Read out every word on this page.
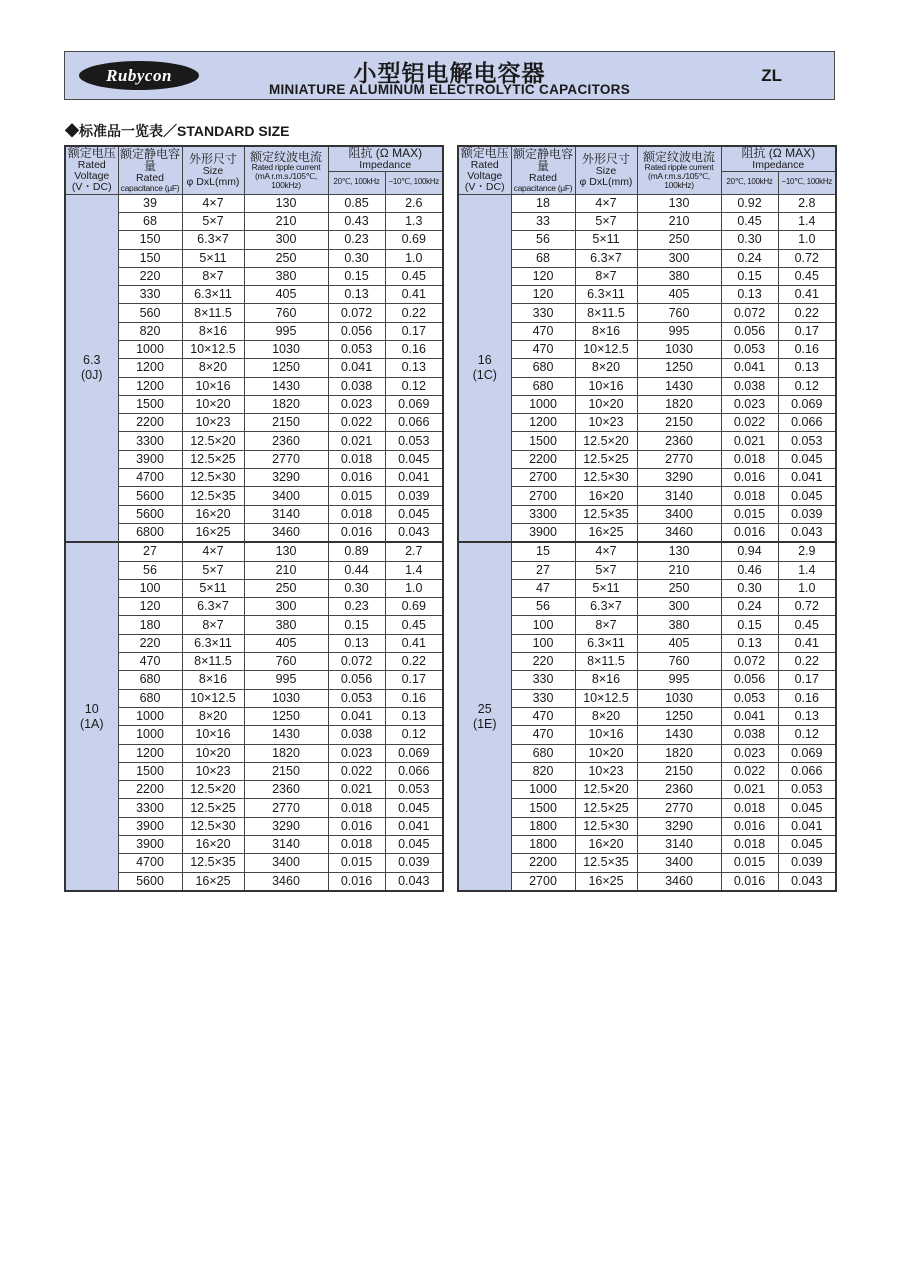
Rubycon	小型铝电解电容器
MINIATURE ALUMINUM ELECTROLYTIC CAPACITORS
ZL
◆标准品一览表／STANDARD SIZE
额定电压
Rated
Voltage
(V・DC)	额定静电容量
Rated
capacitance (μF)	外形尺寸
Size
φ DxL(mm)	额定纹波电流
Rated ripple current
(mA r.m.s./105℃, 100kHz)	阻抗 (Ω MAX)
Impedance	

				20℃, 100kHz	−10℃, 100kHz

6.3
(0J)	39	4×7	130	0.85	2.6
	68	5×7	210	0.43	1.3
	150	6.3×7	300	0.23	0.69
	150	5×11	250	0.30	1.0
	220	8×7	380	0.15	0.45
	330	6.3×11	405	0.13	0.41
	560	8×11.5	760	0.072	0.22
	820	8×16	995	0.056	0.17
	1000	10×12.5	1030	0.053	0.16
	1200	8×20	1250	0.041	0.13
	1200	10×16	1430	0.038	0.12
	1500	10×20	1820	0.023	0.069
	2200	10×23	2150	0.022	0.066
	3300	12.5×20	2360	0.021	0.053
	3900	12.5×25	2770	0.018	0.045
	4700	12.5×30	3290	0.016	0.041
	5600	12.5×35	3400	0.015	0.039
	5600	16×20	3140	0.018	0.045
	6800	16×25	3460	0.016	0.043

10
(1A)	27	4×7	130	0.89	2.7
	56	5×7	210	0.44	1.4
	100	5×11	250	0.30	1.0
	120	6.3×7	300	0.23	0.69
	180	8×7	380	0.15	0.45
	220	6.3×11	405	0.13	0.41
	470	8×11.5	760	0.072	0.22
	680	8×16	995	0.056	0.17
	680	10×12.5	1030	0.053	0.16
	1000	8×20	1250	0.041	0.13
	1000	10×16	1430	0.038	0.12
	1200	10×20	1820	0.023	0.069
	1500	10×23	2150	0.022	0.066
	2200	12.5×20	2360	0.021	0.053
	3300	12.5×25	2770	0.018	0.045
	3900	12.5×30	3290	0.016	0.041
	3900	16×20	3140	0.018	0.045
	4700	12.5×35	3400	0.015	0.039
	5600	16×25	3460	0.016	0.043
额定电压
Rated
Voltage
(V・DC)	额定静电容量
Rated
capacitance (μF)	外形尺寸
Size
φ DxL(mm)	额定纹波电流
Rated ripple current
(mA r.m.s./105℃, 100kHz)	阻抗 (Ω MAX)
Impedance	

				20℃, 100kHz	−10℃, 100kHz

16
(1C)	18	4×7	130	0.92	2.8
	33	5×7	210	0.45	1.4
	56	5×11	250	0.30	1.0
	68	6.3×7	300	0.24	0.72
	120	8×7	380	0.15	0.45
	120	6.3×11	405	0.13	0.41
	330	8×11.5	760	0.072	0.22
	470	8×16	995	0.056	0.17
	470	10×12.5	1030	0.053	0.16
	680	8×20	1250	0.041	0.13
	680	10×16	1430	0.038	0.12
	1000	10×20	1820	0.023	0.069
	1200	10×23	2150	0.022	0.066
	1500	12.5×20	2360	0.021	0.053
	2200	12.5×25	2770	0.018	0.045
	2700	12.5×30	3290	0.016	0.041
	2700	16×20	3140	0.018	0.045
	3300	12.5×35	3400	0.015	0.039
	3900	16×25	3460	0.016	0.043

25
(1E)	15	4×7	130	0.94	2.9
	27	5×7	210	0.46	1.4
	47	5×11	250	0.30	1.0
	56	6.3×7	300	0.24	0.72
	100	8×7	380	0.15	0.45
	100	6.3×11	405	0.13	0.41
	220	8×11.5	760	0.072	0.22
	330	8×16	995	0.056	0.17
	330	10×12.5	1030	0.053	0.16
	470	8×20	1250	0.041	0.13
	470	10×16	1430	0.038	0.12
	680	10×20	1820	0.023	0.069
	820	10×23	2150	0.022	0.066
	1000	12.5×20	2360	0.021	0.053
	1500	12.5×25	2770	0.018	0.045
	1800	12.5×30	3290	0.016	0.041
	1800	16×20	3140	0.018	0.045
	2200	12.5×35	3400	0.015	0.039
	2700	16×25	3460	0.016	0.043
